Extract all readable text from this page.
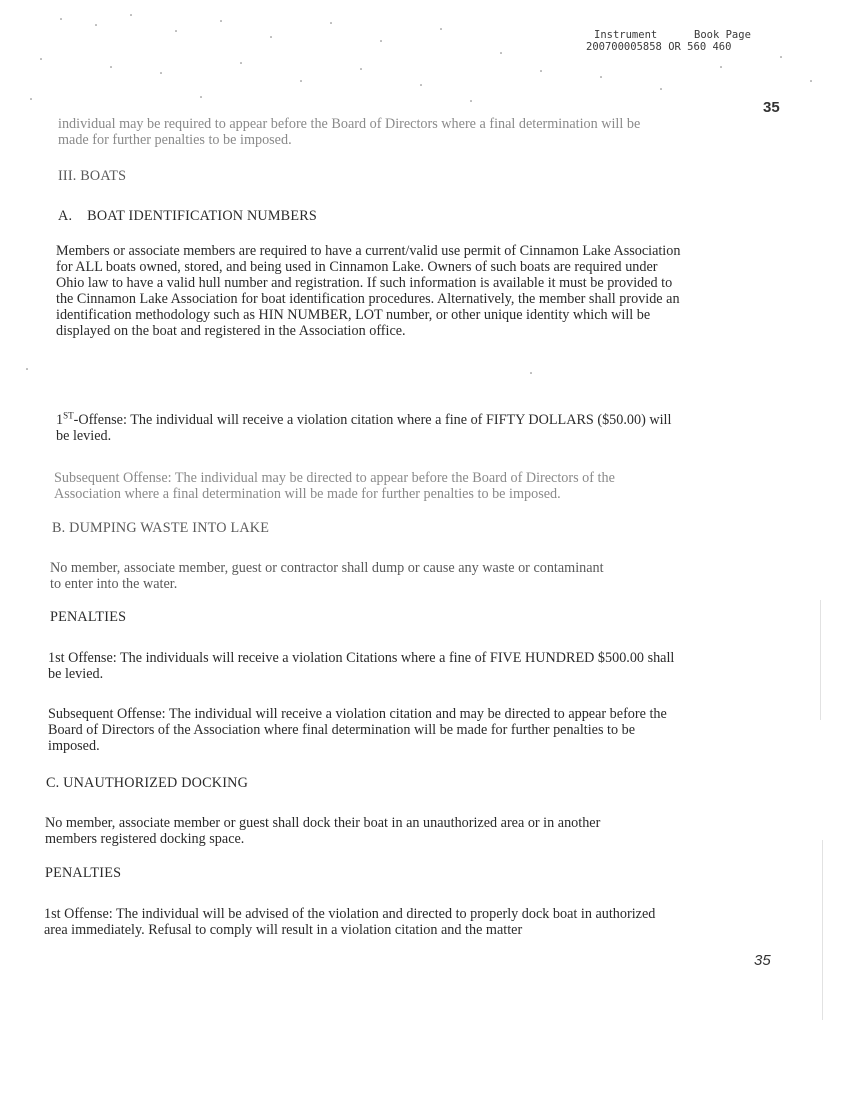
Instrument	Book Page

200700005858 OR 560 460

35
individual may be required to appear before the Board of Directors where a final determination will be made for further penalties to be imposed.
III. BOATS
A.    BOAT IDENTIFICATION NUMBERS
Members or associate members are required to have a current/valid use permit of Cinnamon Lake Association for ALL boats owned, stored, and being used in Cinnamon Lake. Owners of such boats are required under Ohio law to have a valid hull number and registration. If such information is available it must be provided to the Cinnamon Lake Association for boat identification procedures. Alternatively, the member shall provide an identification methodology such as HIN NUMBER, LOT number, or other unique identity which will be displayed on the boat and registered in the Association office.
1ST-Offense: The individual will receive a violation citation where a fine of FIFTY DOLLARS ($50.00) will be levied.
Subsequent Offense: The individual may be directed to appear before the Board of Directors of the Association where a final determination will be made for further penalties to be imposed.
B. DUMPING WASTE INTO LAKE
No member, associate member, guest or contractor shall dump or cause any waste or contaminant to enter into the water.
PENALTIES
1st Offense: The individuals will receive a violation Citations where a fine of FIVE HUNDRED $500.00 shall be levied.
Subsequent Offense: The individual will receive a violation citation and may be directed to appear before the Board of Directors of the Association where final determination will be made for further penalties to be imposed.
C. UNAUTHORIZED DOCKING
No member, associate member or guest shall dock their boat in an unauthorized area or in another members registered docking space.
PENALTIES
1st Offense: The individual will be advised of the violation and directed to properly dock boat in authorized area immediately. Refusal to comply will result in a violation citation and the matter
35
